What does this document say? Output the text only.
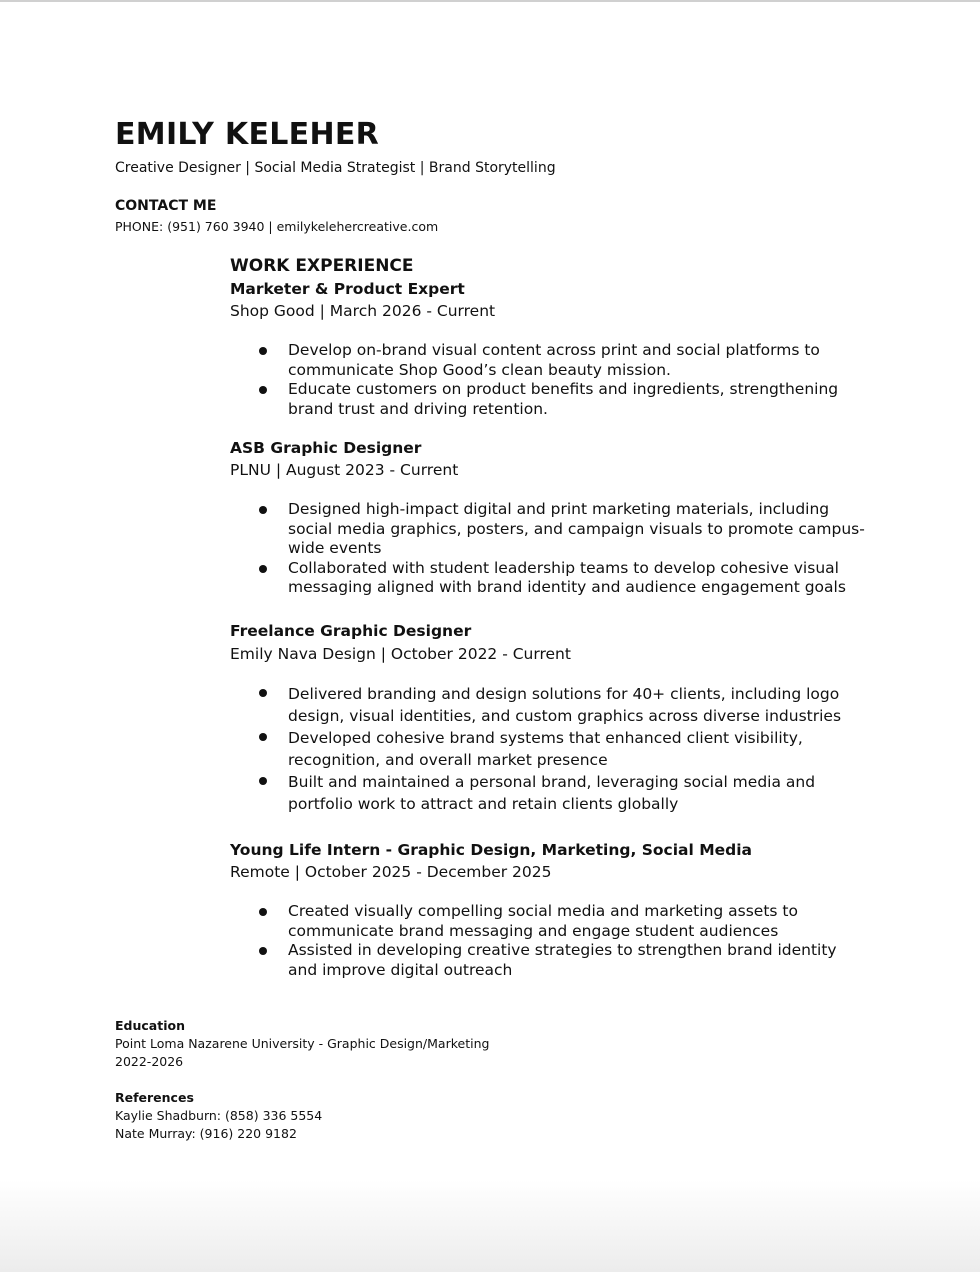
EMILY KELEHER
Creative Designer | Social Media Strategist | Brand Storytelling
CONTACT ME
PHONE: (951) 760 3940 | emilykelehercreative.com
WORK EXPERIENCE
Marketer & Product Expert
Shop Good | March 2026 - Current
Develop on-brand visual content across print and social platforms to communicate Shop Good’s clean beauty mission.
Educate customers on product benefits and ingredients, strengthening brand trust and driving retention.
ASB Graphic Designer
PLNU | August 2023 - Current
Designed high-impact digital and print marketing materials, including social media graphics, posters, and campaign visuals to promote campus-wide events
Collaborated with student leadership teams to develop cohesive visual messaging aligned with brand identity and audience engagement goals
Freelance Graphic Designer
Emily Nava Design | October 2022 - Current
Delivered branding and design solutions for 40+ clients, including logo design, visual identities, and custom graphics across diverse industries
Developed cohesive brand systems that enhanced client visibility, recognition, and overall market presence
Built and maintained a personal brand, leveraging social media and portfolio work to attract and retain clients globally
Young Life Intern - Graphic Design, Marketing, Social Media
Remote | October 2025 - December 2025
Created visually compelling social media and marketing assets to communicate brand messaging and engage student audiences
Assisted in developing creative strategies to strengthen brand identity and improve digital outreach
Education
Point Loma Nazarene University - Graphic Design/Marketing
2022-2026
References
Kaylie Shadburn: (858) 336 5554
Nate Murray: (916) 220 9182
